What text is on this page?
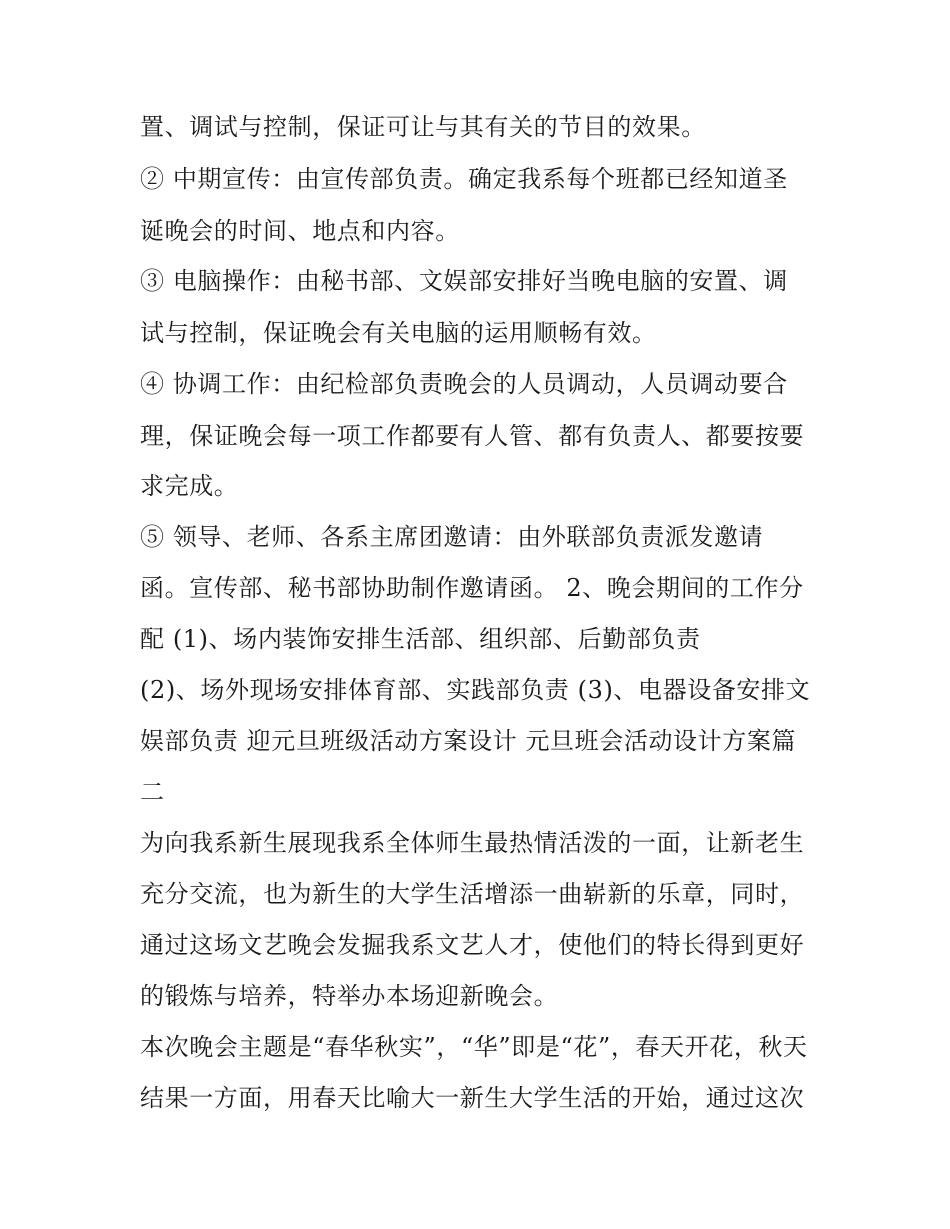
置、调试与控制，保证可让与其有关的节目的效果。
② 中期宣传：由宣传部负责。确定我系每个班都已经知道圣
诞晚会的时间、地点和内容。
③ 电脑操作：由秘书部、文娱部安排好当晚电脑的安置、调
试与控制，保证晚会有关电脑的运用顺畅有效。
④ 协调工作：由纪检部负责晚会的人员调动，人员调动要合
理，保证晚会每一项工作都要有人管、都有负责人、都要按要
求完成。
⑤ 领导、老师、各系主席团邀请：由外联部负责派发邀请
函。宣传部、秘书部协助制作邀请函。 2、晚会期间的工作分
配 (1)、场内装饰安排生活部、组织部、后勤部负责
(2)、场外现场安排体育部、实践部负责 (3)、电器设备安排文
娱部负责 迎元旦班级活动方案设计 元旦班会活动设计方案篇
二
为向我系新生展现我系全体师生最热情活泼的一面，让新老生
充分交流，也为新生的大学生活增添一曲崭新的乐章，同时，
通过这场文艺晚会发掘我系文艺人才，使他们的特长得到更好
的锻炼与培养，特举办本场迎新晚会。
本次晚会主题是“春华秋实”，“华”即是“花”，春天开花，秋天
结果一方面，用春天比喻大一新生大学生活的开始，通过这次
